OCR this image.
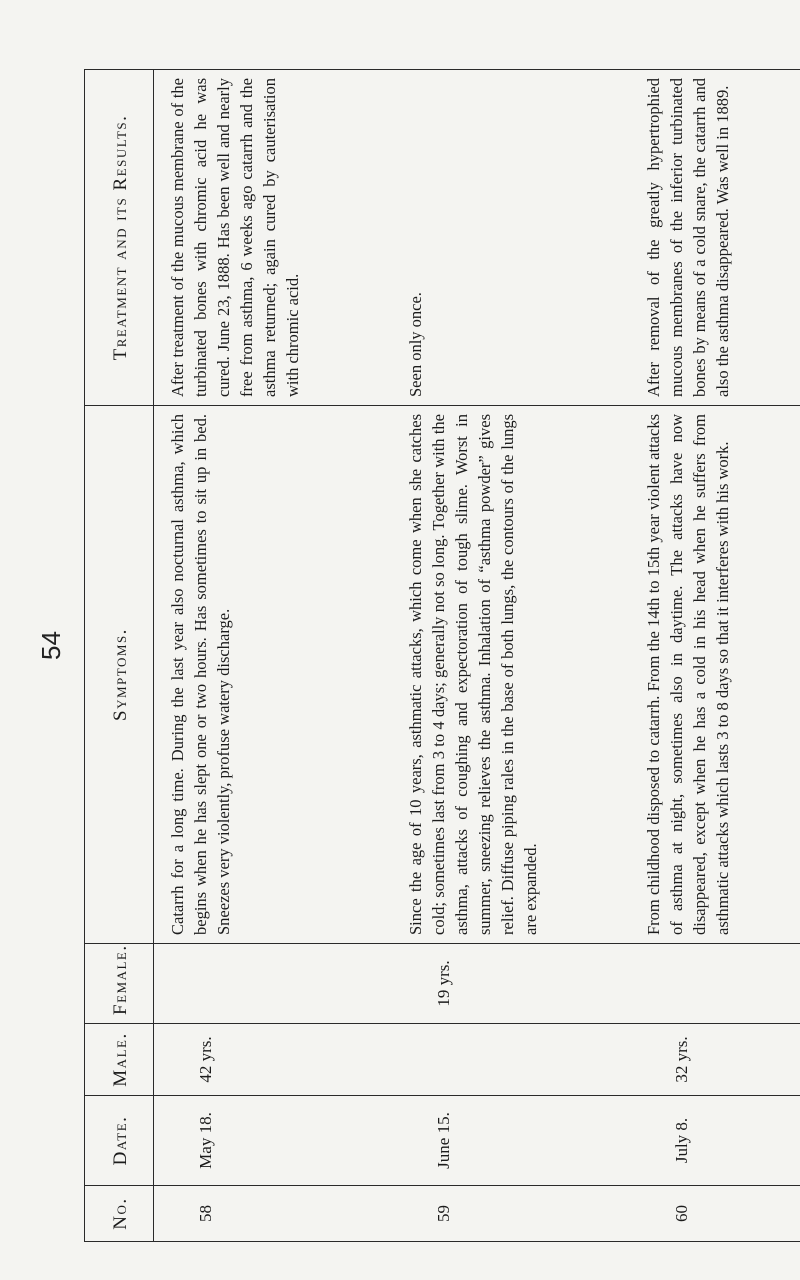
No.	Date.	Male.	Female.	Symptoms.	Treatment and its Results.
58	May 18.	42 yrs.		Catarrh for a long time. During the last year also nocturnal asthma, which begins when he has slept one or two hours. Has sometimes to sit up in bed. Sneezes very violently, profuse watery discharge.	After treatment of the mucous membrane of the turbinated bones with chromic acid he was cured. June 23, 1888. Has been well and nearly free from asthma, 6 weeks ago catarrh and the asthma returned; again cured by cauterisation with chromic acid.
59	June 15.		19 yrs.	Since the age of 10 years, asthmatic attacks, which come when she catches cold; sometimes last from 3 to 4 days; generally not so long. Together with the asthma, attacks of coughing and expectoration of tough slime. Worst in summer, sneezing relieves the asthma. Inhalation of “asthma powder” gives relief. Diffuse piping rales in the base of both lungs, the contours of the lungs are expanded.	Seen only once.
60	July 8.	32 yrs.		From childhood disposed to catarrh. From the 14th to 15th year violent attacks of asthma at night, sometimes also in daytime. The attacks have now disappeared, except when he has a cold in his head when he suffers from asthmatic attacks which lasts 3 to 8 days so that it interferes with his work.	After removal of the greatly hypertrophied mucous membranes of the inferior turbinated bones by means of a cold snare, the catarrh and also the asthma disappeared. Was well in 1889.
54
